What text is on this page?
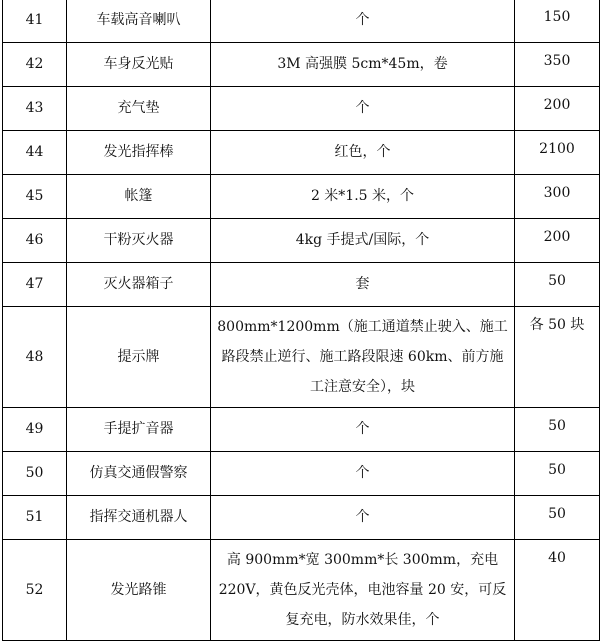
41	车载高音喇叭	个	150
42	车身反光贴	3M 高强膜 5cm*45m，卷	350
43	充气垫	个	200
44	发光指挥棒	红色，个	2100
45	帐篷	2 米*1.5 米，个	300
46	干粉灭火器	4kg 手提式/国际，个	200
47	灭火器箱子	套	50
48	提示牌	800mm*1200mm（施工通道禁止驶入、施工路段禁止逆行、施工路段限速 60km、前方施工注意安全），块	各 50 块
49	手提扩音器	个	50
50	仿真交通假警察	个	50
51	指挥交通机器人	个	50
52	发光路锥	高 900mm*宽 300mm*长 300mm，充电 220V，黄色反光壳体，电池容量 20 安，可反复充电，防水效果佳，个	40
